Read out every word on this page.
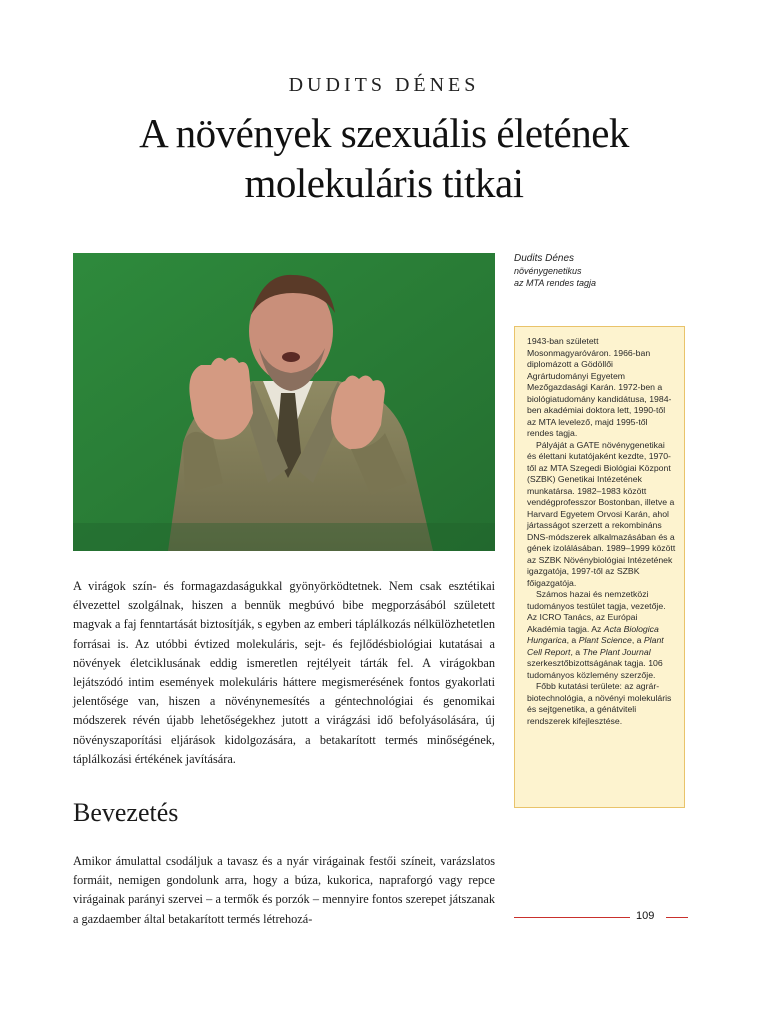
DUDITS DÉNES
A növények szexuális életének
molekuláris titkai
Dudits Dénes
növénygenetikus
az MTA rendes tagja

1943-ban született Mosonmagyaróváron. 1966-ban diplomázott a Gödöllői Agrártudományi Egyetem Mezőgazdasági Karán. 1972-ben a biológiatudomány kandidátusa, 1984-ben akadémiai doktora lett, 1990-től az MTA levelező, majd 1995-től rendes tagja.

Pályáját a GATE növénygenetikai és élettani kutatójaként kezdte, 1970-től az MTA Szegedi Biológiai Központ (SZBK) Genetikai Intézetének munkatársa. 1982–1983 között vendégprofesszor Bostonban, illetve a Harvard Egyetem Orvosi Karán, ahol jártasságot szerzett a rekombináns DNS-módszerek alkalmazásában és a gének izolálásában. 1989–1999 között az SZBK Növénybiológiai Intézetének igazgatója, 1997-től az SZBK főigazgatója.

Számos hazai és nemzetközi tudományos testület tagja, vezetője. Az ICRO Tanács, az Európai Akadémia tagja. Az Acta Biologica Hungarica, a Plant Science, a Plant Cell Report, a The Plant Journal szerkesztőbizottságának tagja. 106 tudományos közlemény szerzője.

Főbb kutatási területe: az agrár-biotechnológia, a növényi molekuláris és sejtgenetika, a génátviteli rendszerek kifejlesztése.

A virágok szín- és formagazdaságukkal gyönyörködtetnek. Nem csak esztétikai élvezettel szolgálnak, hiszen a bennük megbúvó bibe megporzásából született magvak a faj fenntartását biztosítják, s egyben az emberi táplálkozás nélkülözhetetlen forrásai is. Az utóbbi évtized molekuláris, sejt- és fejlődésbiológiai kutatásai a növények életciklusának eddig ismeretlen rejtélyeit tárták fel. A virágokban lejátszódó intim események molekuláris háttere megismerésének fontos gyakorlati jelentősége van, hiszen a növénynemesítés a géntechnológiai és genomikai módszerek révén újabb lehetőségekhez jutott a virágzási idő befolyásolására, új növényszaporítási eljárások kidolgozására, a betakarított termés minőségének, táplálkozási értékének javítására.
Bevezetés
Amikor ámulattal csodáljuk a tavasz és a nyár virágainak festői színeit, varázslatos formáit, nemigen gondolunk arra, hogy a búza, kukorica, napraforgó vagy repce virágainak parányi szervei – a termők és porzók – mennyire fontos szerepet játszanak a gazdaember által betakarított termés létrehozá-	109
